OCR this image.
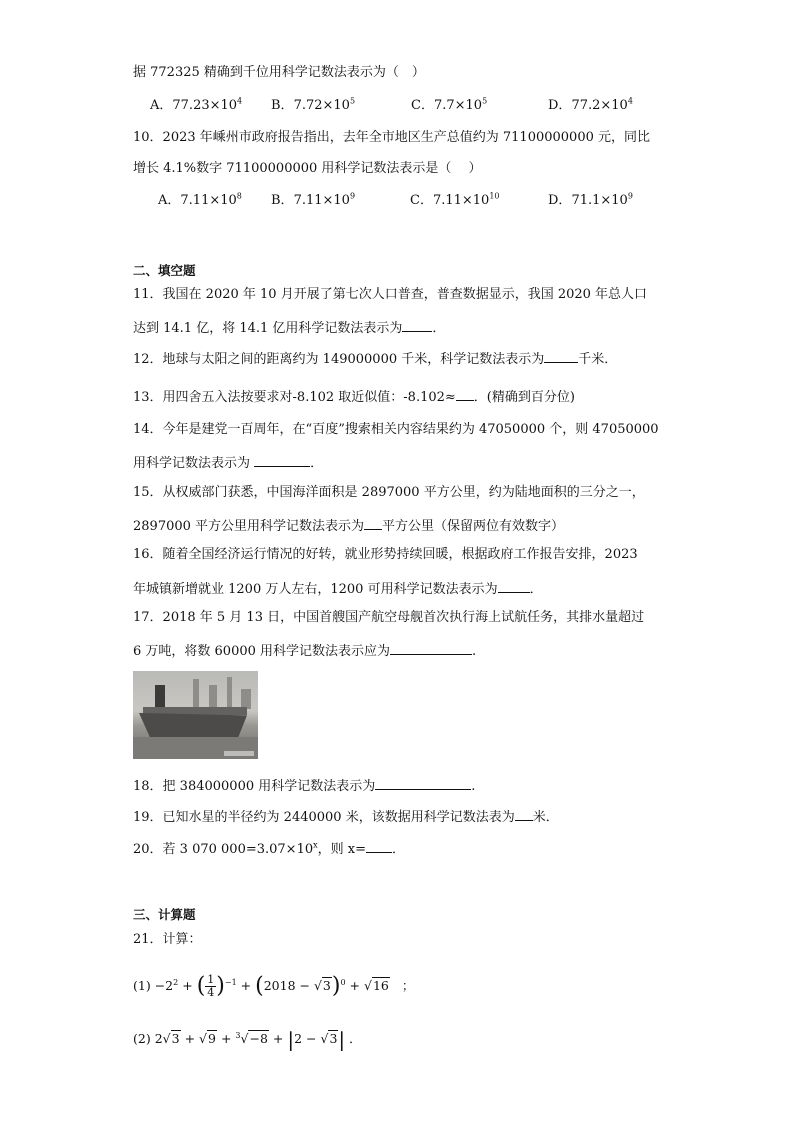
据 772325 精确到千位用科学记数法表示为（　）
A．$77.23\times 10^4$ B．$7.72\times 10^5$	C．$7.7\times 10^5$	D．$77.2\times 10^4$
10．2023 年嵊州市政府报告指出，去年全市地区生产总值约为 71100000000 元，同比
增长 4.1%数字 71100000000 用科学记数法表示是（　 ）
A．$7.11\times 10^8$ B．$7.11\times 10^9$	C．$7.11\times 10^{10}$	D．$71.1\times 10^9$
二、填空题
11．我国在 2020 年 10 月开展了第七次人口普查，普查数据显示，我国 2020 年总人口
达到 14.1 亿，将 14.1 亿用科学记数法表示为 ．
12．地球与太阳之间的距离约为 149000000 千米，科学记数法表示为	千米．
13．用四舍五入法按要求对-8.102 取近似值：-8.102≈ ．(精确到百分位)
14．今年是建党一百周年，在“百度”搜索相关内容结果约为 47050000 个，则 47050000
用科学记数法表示为	．
15．从权威部门获悉，中国海洋面积是 2897000 平方公里，约为陆地面积的三分之一，
2897000 平方公里用科学记数法表示为 平方公里（保留两位有效数字）
16．随着全国经济运行情况的好转，就业形势持续回暖，根据政府工作报告安排，2023
年城镇新增就业 1200 万人左右，1200 可用科学记数法表示为 ．
17．2018 年 5 月 13 日，中国首艘国产航空母舰首次执行海上试航任务，其排水量超过
6 万吨，将数 60000 用科学记数法表示应为	.
18．把 384000000 用科学记数法表示为	.
19．已知水星的半径约为 2440000 米，该数据用科学记数法表为 米．
20．若 3 070 $000=3.07\times 10^x$，则 x= ．
三、计算题
21．计算：
$(1) -2^2$ + ( $\frac{1}{4} )^{-1} + (2018 - √3)^0 + √16$ ；
(2) 2√3 + √9 + $^3$√−8 + |2 − √3| ．
